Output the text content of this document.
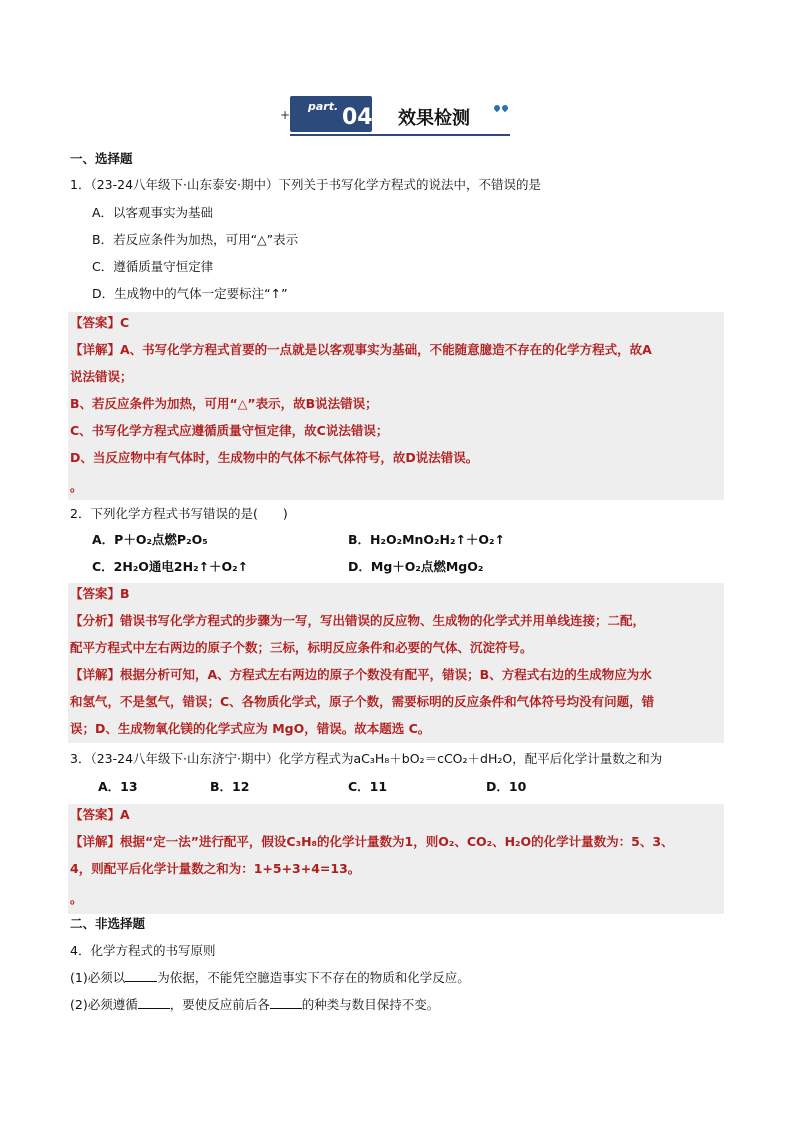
+
part. 04 效果检测
一、选择题
1．（23-24八年级下·山东泰安·期中）下列关于书写化学方程式的说法中，不错误的是
A．以客观事实为基础
B．若反应条件为加热，可用“△”表示
C．遵循质量守恒定律
D．生成物中的气体一定要标注“↑”
【答案】C
【详解】A、书写化学方程式首要的一点就是以客观事实为基础，不能随意臆造不存在的化学方程式，故A
说法错误；
B、若反应条件为加热，可用“△”表示，故B说法错误；
C、书写化学方程式应遵循质量守恒定律，故C说法错误；
D、当反应物中有气体时，生成物中的气体不标气体符号，故D说法错误。
。
2．下列化学方程式书写错误的是(　　)
A．P＋O₂点燃P₂O₅	B．H₂O₂MnO₂H₂↑＋O₂↑
C．2H₂O通电2H₂↑＋O₂↑	D．Mg＋O₂点燃MgO₂
【答案】B
【分析】错误书写化学方程式的步骤为一写，写出错误的反应物、生成物的化学式并用单线连接；二配，
配平方程式中左右两边的原子个数；三标，标明反应条件和必要的气体、沉淀符号。
【详解】根据分析可知，A、方程式左右两边的原子个数没有配平，错误；B、方程式右边的生成物应为水
和氢气，不是氢气，错误；C、各物质化学式，原子个数，需要标明的反应条件和气体符号均没有问题，错
误；D、生成物氧化镁的化学式应为 MgO，错误。故本题选 C。
3．（23-24八年级下·山东济宁·期中）化学方程式为aC₃H₈＋bO₂＝cCO₂＋dH₂O，配平后化学计量数之和为
A．13	B．12	C．11	D．10
【答案】A
【详解】根据“定一法”进行配平，假设C₃H₈的化学计量数为1，则O₂、CO₂、H₂O的化学计量数为：5、3、
4，则配平后化学计量数之和为：1+5+3+4=13。
。
二、非选择题
4．化学方程式的书写原则
(1)必须以	为依据，不能凭空臆造事实下不存在的物质和化学反应。
(2)必须遵循	，要使反应前后各	的种类与数目保持不变。
